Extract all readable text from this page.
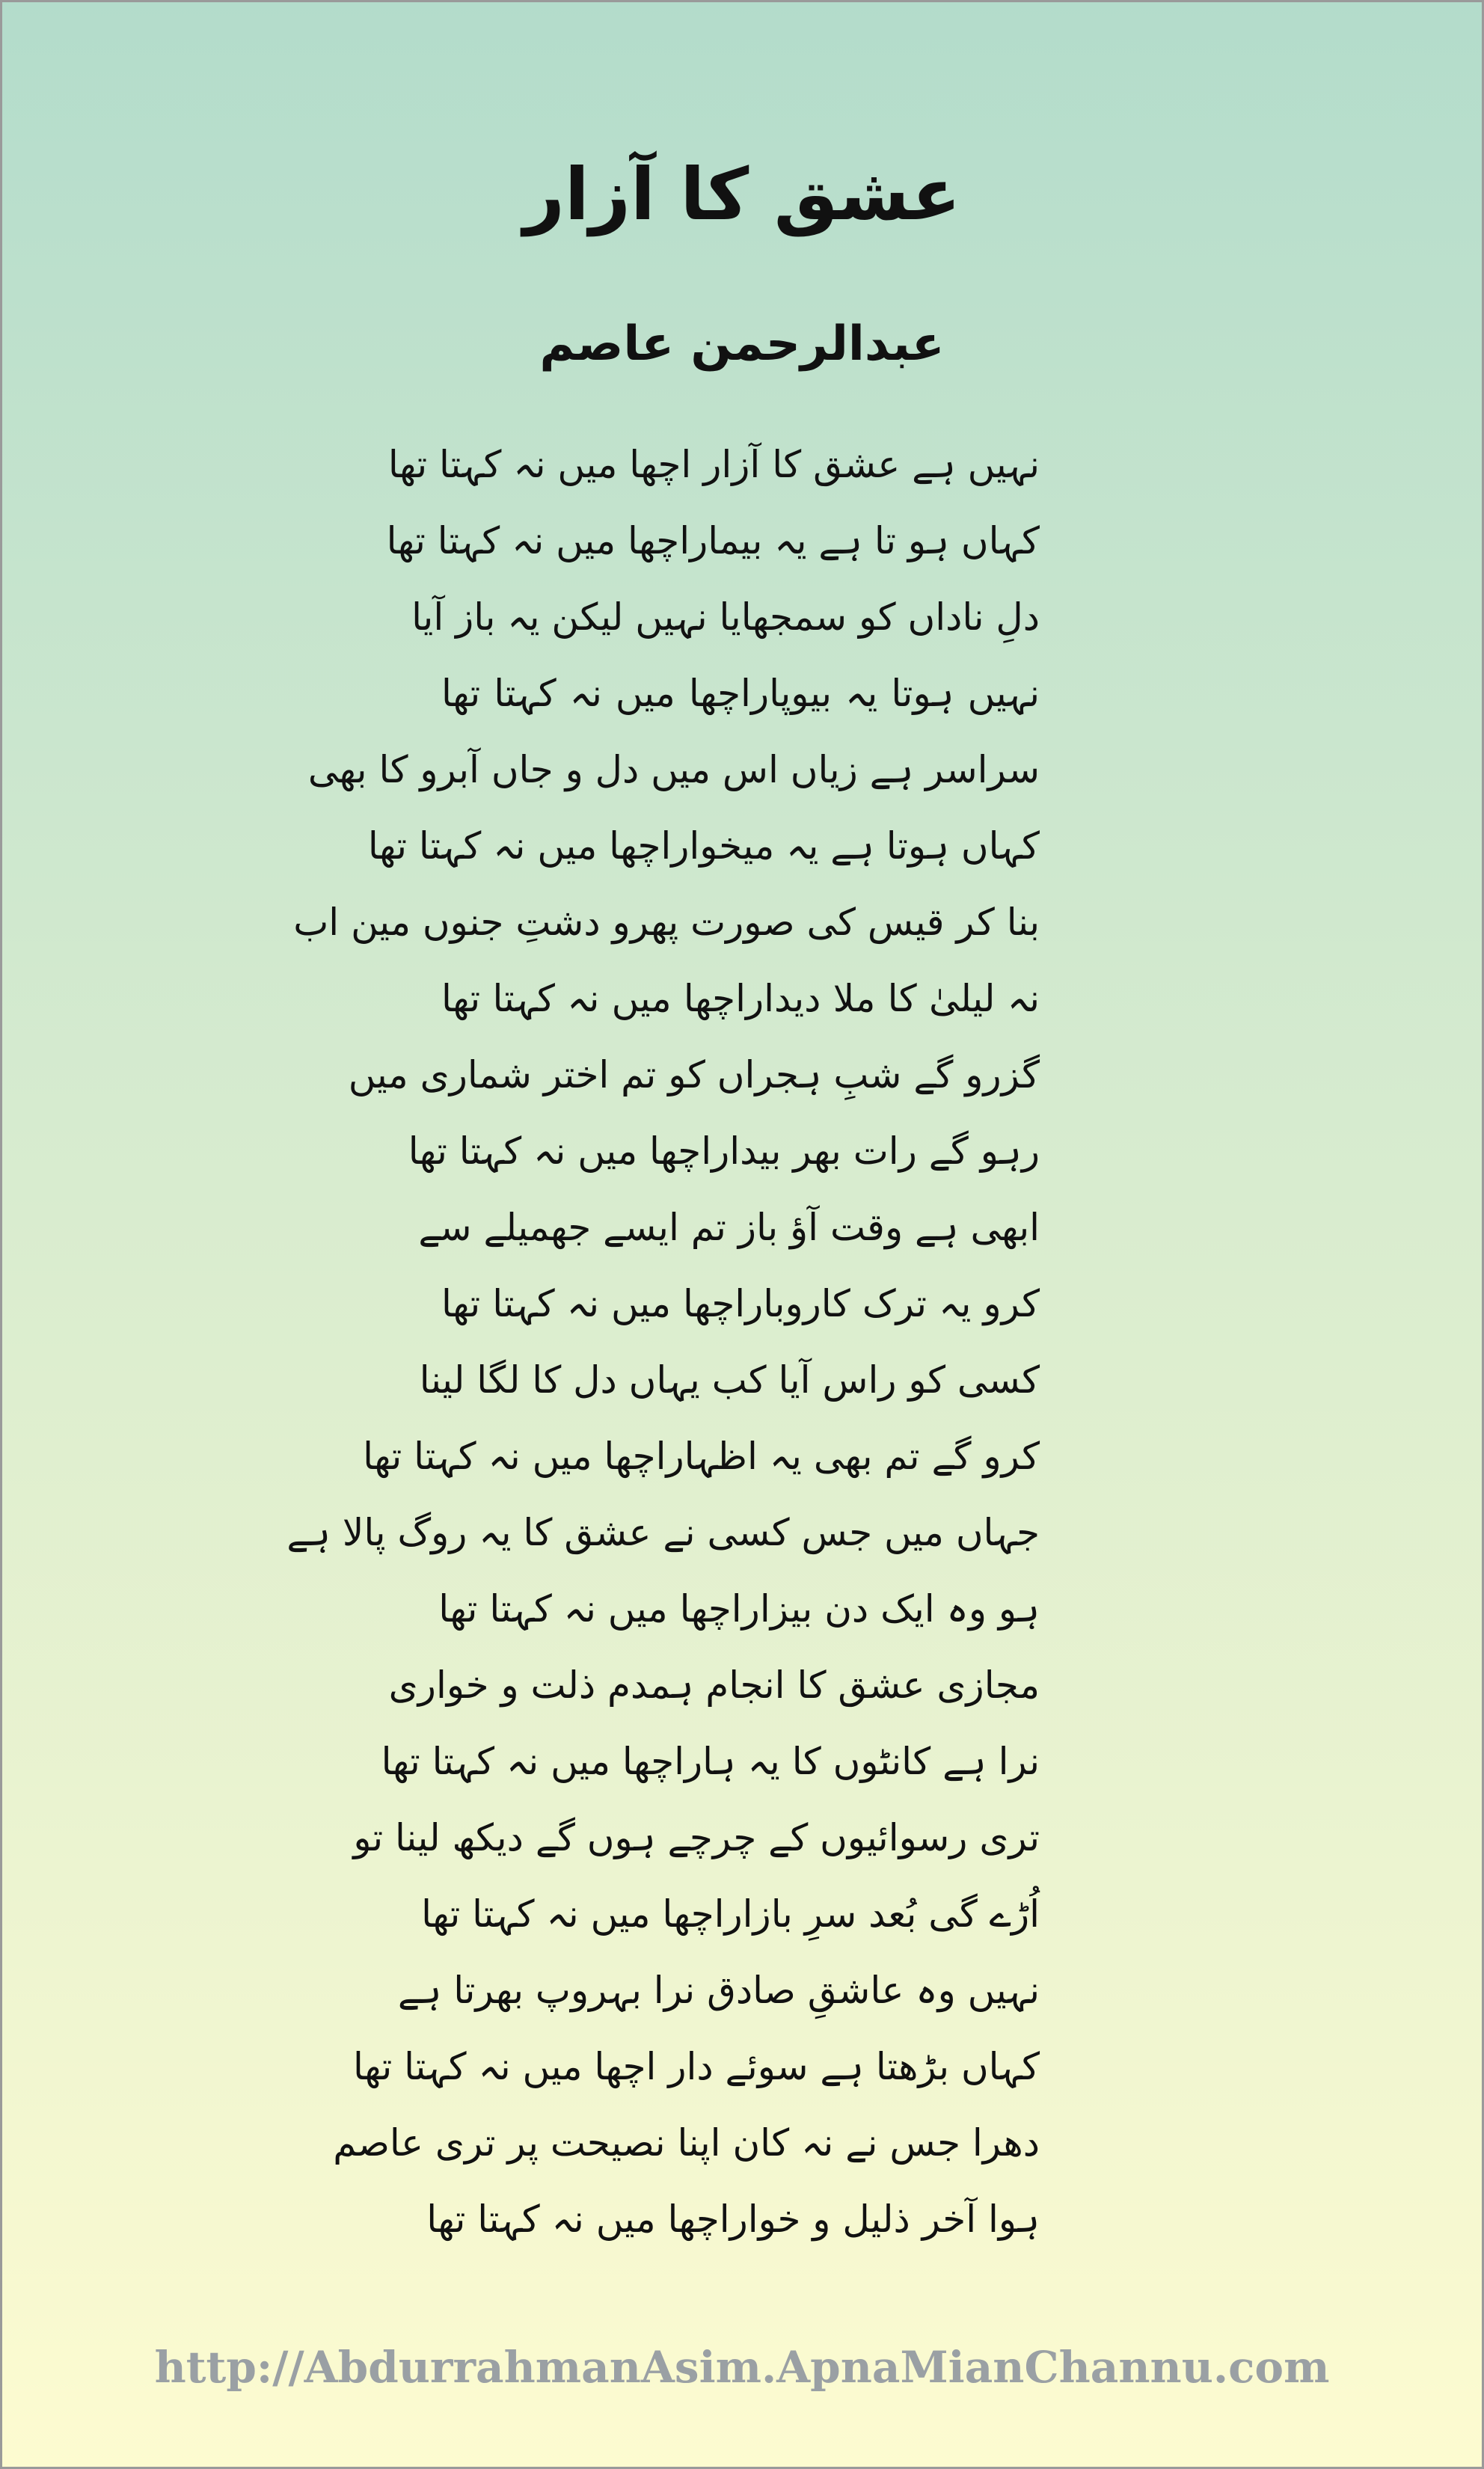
عشق کا آزار
عبدالرحمن عاصم
نہیں ہے عشق کا آزار اچھا میں نہ کہتا تھا
کہاں ہو تا ہے یہ بیماراچھا میں نہ کہتا تھا
دلِ ناداں کو سمجھایا نہیں لیکن یہ باز آیا
نہیں ہوتا یہ بیوپاراچھا میں نہ کہتا تھا
سراسر ہے زیاں اس میں دل و جاں آبرو کا بھی
کہاں ہوتا ہے یہ میخواراچھا میں نہ کہتا تھا
بنا کر قیس کی صورت پھرو دشتِ جنوں مین اب
نہ لیلیٰ کا ملا دیداراچھا میں نہ کہتا تھا
گزرو گے شبِ ہجراں کو تم اختر شماری میں
رہو گے رات بھر بیداراچھا میں نہ کہتا تھا
ابھی ہے وقت آؤ باز تم ایسے جھمیلے سے
کرو یہ ترک کاروباراچھا میں نہ کہتا تھا
کسی کو راس آیا کب یہاں دل کا لگا لینا
کرو گے تم بھی یہ اظہاراچھا میں نہ کہتا تھا
جہاں میں جس کسی نے عشق کا یہ روگ پالا ہے
ہو وہ ایک دن بیزاراچھا میں نہ کہتا تھا
مجازی عشق کا انجام ہمدم ذلت و خواری
نرا ہے کانٹوں کا یہ ہاراچھا میں نہ کہتا تھا
تری رسوائیوں کے چرچے ہوں گے دیکھ لینا تو
اُڑے گی بُعد سرِ بازاراچھا میں نہ کہتا تھا
نہیں وہ عاشقِ صادق نرا بہروپ بھرتا ہے
کہاں بڑھتا ہے سوئے دار اچھا میں نہ کہتا تھا
دھرا جس نے نہ کان اپنا نصیحت پر تری عاصم
ہوا آخر ذلیل و خواراچھا میں نہ کہتا تھا
http://AbdurrahmanAsim.ApnaMianChannu.com
